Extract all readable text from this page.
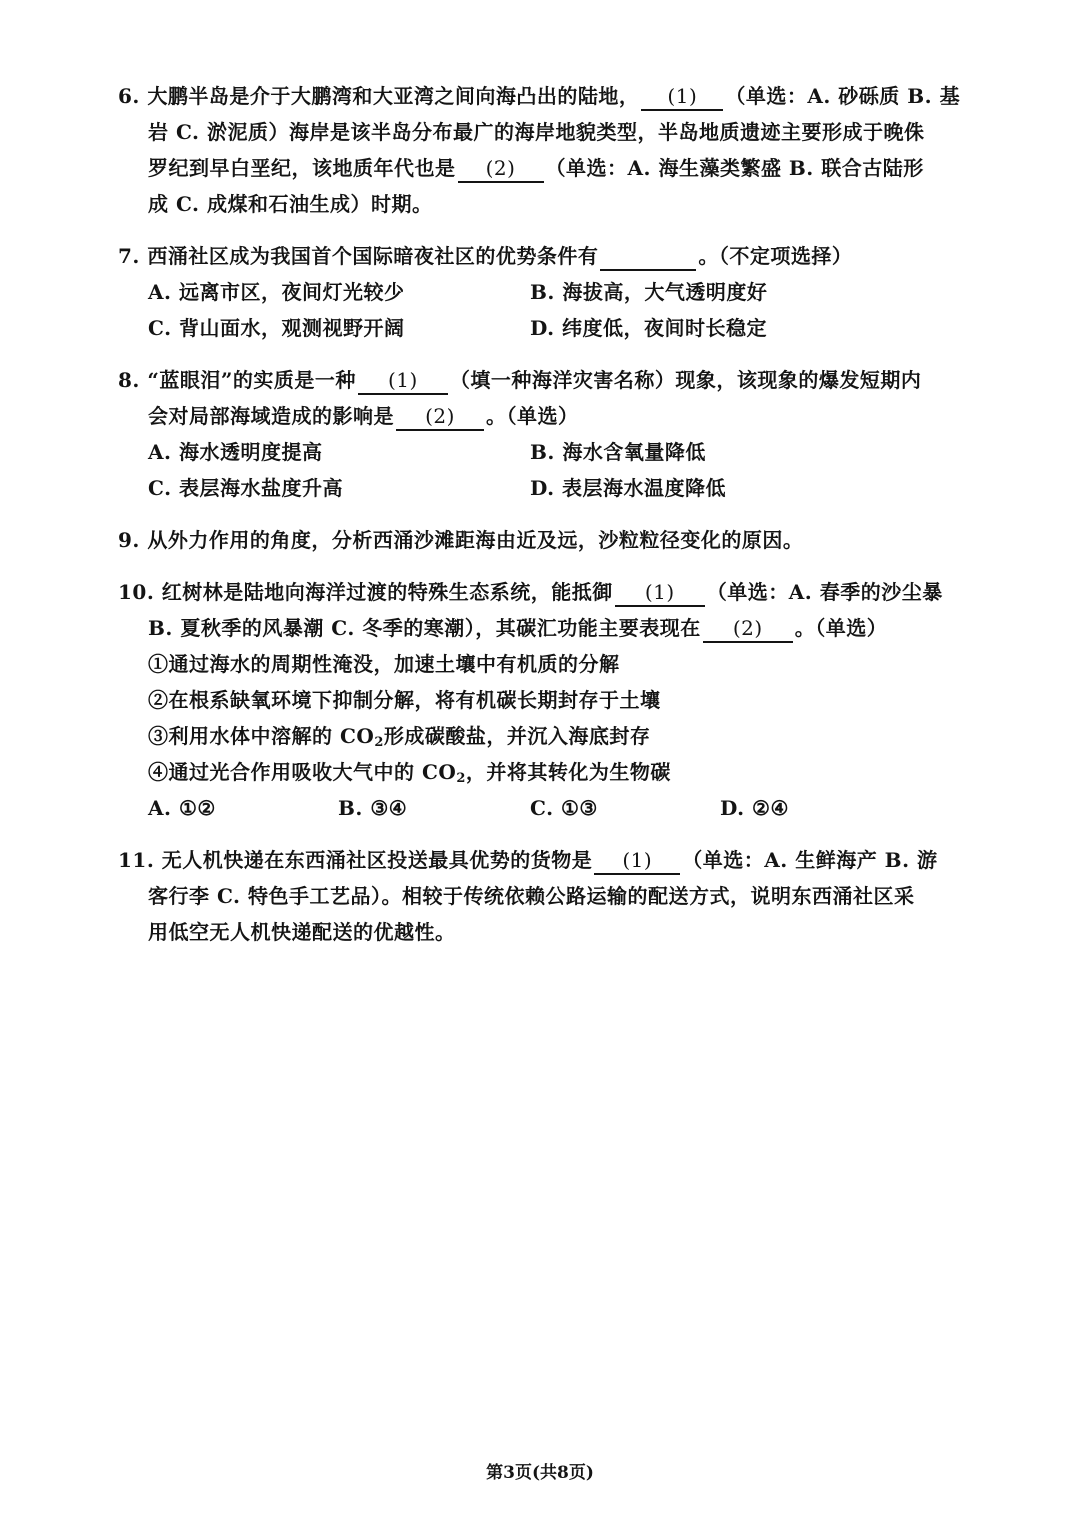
6. 大鹏半岛是介于大鹏湾和大亚湾之间向海凸出的陆地， (1) （单选：A. 砂砾质 B. 基
岩 C. 淤泥质）海岸是该半岛分布最广的海岸地貌类型，半岛地质遗迹主要形成于晚侏
罗纪到早白垩纪，该地质年代也是 (2) （单选：A. 海生藻类繁盛 B. 联合古陆形
成 C. 成煤和石油生成）时期。
7. 西涌社区成为我国首个国际暗夜社区的优势条件有	。（不定项选择）
A. 远离市区，夜间灯光较少	B. 海拔高，大气透明度好
C. 背山面水，观测视野开阔	D. 纬度低，夜间时长稳定
8. “蓝眼泪”的实质是一种 (1) （填一种海洋灾害名称）现象，该现象的爆发短期内
会对局部海域造成的影响是 (2) 。（单选）
A. 海水透明度提高	B. 海水含氧量降低
C. 表层海水盐度升高	D. 表层海水温度降低
9. 从外力作用的角度，分析西涌沙滩距海由近及远，沙粒粒径变化的原因。
10. 红树林是陆地向海洋过渡的特殊生态系统，能抵御 (1) （单选：A. 春季的沙尘暴
B. 夏秋季的风暴潮 C. 冬季的寒潮），其碳汇功能主要表现在 (2) 。（单选）
①通过海水的周期性淹没，加速土壤中有机质的分解
②在根系缺氧环境下抑制分解，将有机碳长期封存于土壤
③利用水体中溶解的 $CO_2$形成碳酸盐，并沉入海底封存
④通过光合作用吸收大气中的 $CO_2$，并将其转化为生物碳
A. ①②	B. ③④	C. ①③	D. ②④
11. 无人机快递在东西涌社区投送最具优势的货物是 (1) （单选：A. 生鲜海产 B. 游
客行李 C. 特色手工艺品）。相较于传统依赖公路运输的配送方式，说明东西涌社区采
用低空无人机快递配送的优越性。
第3页(共8页)
